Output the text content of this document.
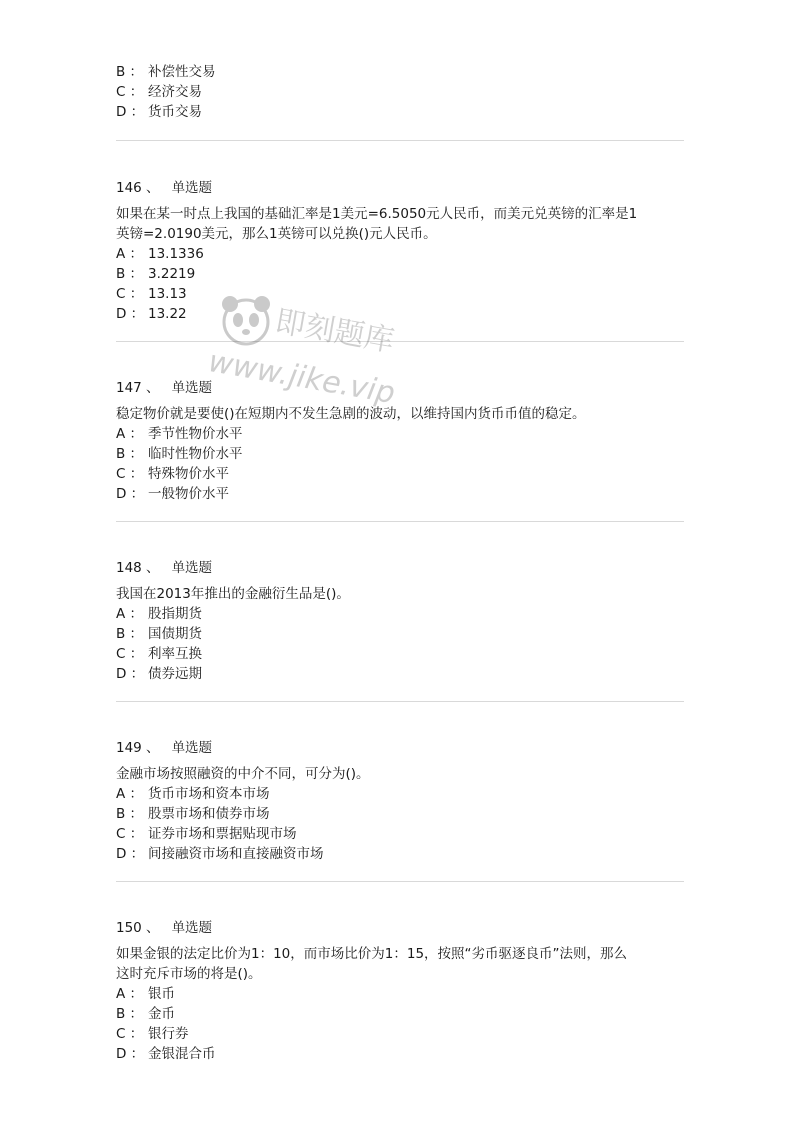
B ： 补偿性交易
C ： 经济交易
D ： 货币交易
146 、 单选题
如果在某一时点上我国的基础汇率是1美元=6.5050元人民币，而美元兑英镑的汇率是1
英镑=2.0190美元，那么1英镑可以兑换()元人民币。
A ： 13.1336
B ： 3.2219
C ： 13.13
D ： 13.22
147 、 单选题
稳定物价就是要使()在短期内不发生急剧的波动，以维持国内货币币值的稳定。
A ： 季节性物价水平
B ： 临时性物价水平
C ： 特殊物价水平
D ： 一般物价水平
148 、 单选题
我国在2013年推出的金融衍生品是()。
A ： 股指期货
B ： 国债期货
C ： 利率互换
D ： 债券远期
149 、 单选题
金融市场按照融资的中介不同，可分为()。
A ： 货币市场和资本市场
B ： 股票市场和债券市场
C ： 证券市场和票据贴现市场
D ： 间接融资市场和直接融资市场
150 、 单选题
如果金银的法定比价为1：10，而市场比价为1：15，按照“劣币驱逐良币”法则，那么
这时充斥市场的将是()。
A ： 银币
B ： 金币
C ： 银行券
D ： 金银混合币
即刻题库
www.jike.vip
